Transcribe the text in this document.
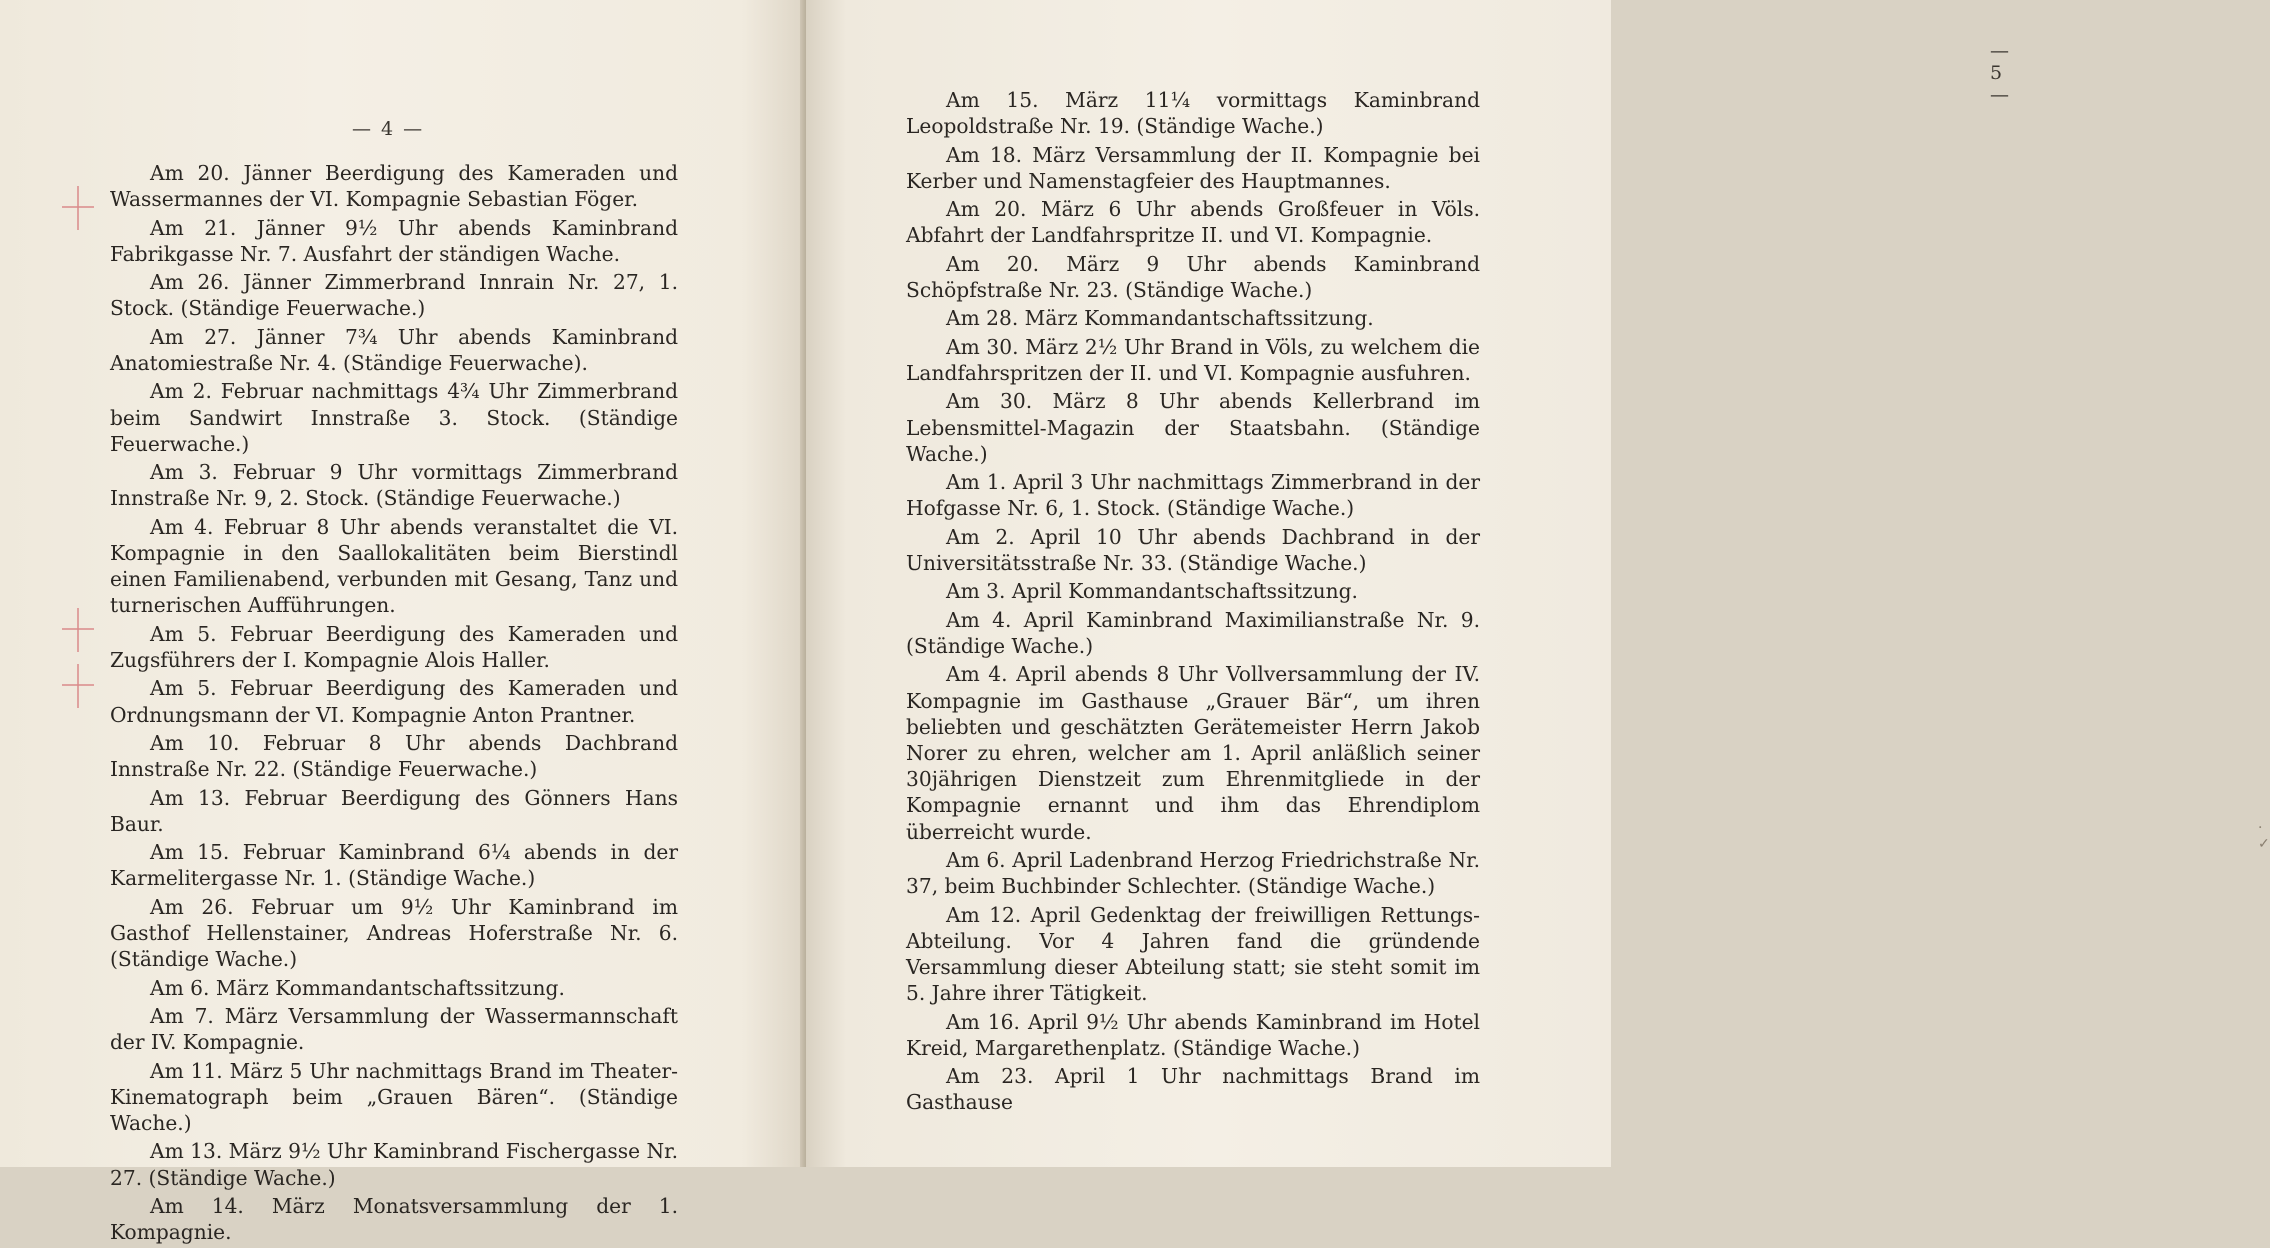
— 4 —
Am 20. Jänner Beerdigung des Kameraden und Wassermannes der VI. Kompagnie Sebastian Föger.
Am 21. Jänner 9½ Uhr abends Kaminbrand Fabrikgasse Nr. 7. Ausfahrt der ständigen Wache.
Am 26. Jänner Zimmerbrand Innrain Nr. 27, 1. Stock. (Ständige Feuerwache.)
Am 27. Jänner 7¾ Uhr abends Kaminbrand Anatomiestraße Nr. 4. (Ständige Feuerwache).
Am 2. Februar nachmittags 4¾ Uhr Zimmerbrand beim Sandwirt Innstraße 3. Stock. (Ständige Feuerwache.)
Am 3. Februar 9 Uhr vormittags Zimmerbrand Innstraße Nr. 9, 2. Stock. (Ständige Feuerwache.)
Am 4. Februar 8 Uhr abends veranstaltet die VI. Kompagnie in den Saallokalitäten beim Bierstindl einen Familienabend, verbunden mit Gesang, Tanz und turnerischen Aufführungen.
Am 5. Februar Beerdigung des Kameraden und Zugsführers der I. Kompagnie Alois Haller.
Am 5. Februar Beerdigung des Kameraden und Ordnungsmann der VI. Kompagnie Anton Prantner.
Am 10. Februar 8 Uhr abends Dachbrand Innstraße Nr. 22. (Ständige Feuerwache.)
Am 13. Februar Beerdigung des Gönners Hans Baur.
Am 15. Februar Kaminbrand 6¼ abends in der Karmelitergasse Nr. 1. (Ständige Wache.)
Am 26. Februar um 9½ Uhr Kaminbrand im Gasthof Hellenstainer, Andreas Hoferstraße Nr. 6. (Ständige Wache.)
Am 6. März Kommandantschaftssitzung.
Am 7. März Versammlung der Wassermannschaft der IV. Kompagnie.
Am 11. März 5 Uhr nachmittags Brand im Theater-Kinematograph beim „Grauen Bären“. (Ständige Wache.)
Am 13. März 9½ Uhr Kaminbrand Fischergasse Nr. 27. (Ständige Wache.)
Am 14. März Monatsversammlung der 1. Kompagnie.
— 5 —
· ✓
Am 15. März 11¼ vormittags Kaminbrand Leopoldstraße Nr. 19. (Ständige Wache.)
Am 18. März Versammlung der II. Kompagnie bei Kerber und Namenstagfeier des Hauptmannes.
Am 20. März 6 Uhr abends Großfeuer in Völs. Abfahrt der Landfahrspritze II. und VI. Kompagnie.
Am 20. März 9 Uhr abends Kaminbrand Schöpfstraße Nr. 23. (Ständige Wache.)
Am 28. März Kommandantschaftssitzung.
Am 30. März 2½ Uhr Brand in Völs, zu welchem die Landfahrspritzen der II. und VI. Kompagnie ausfuhren.
Am 30. März 8 Uhr abends Kellerbrand im Lebensmittel-Magazin der Staatsbahn. (Ständige Wache.)
Am 1. April 3 Uhr nachmittags Zimmerbrand in der Hofgasse Nr. 6, 1. Stock. (Ständige Wache.)
Am 2. April 10 Uhr abends Dachbrand in der Universitätsstraße Nr. 33. (Ständige Wache.)
Am 3. April Kommandantschaftssitzung.
Am 4. April Kaminbrand Maximilianstraße Nr. 9. (Ständige Wache.)
Am 4. April abends 8 Uhr Vollversammlung der IV. Kompagnie im Gasthause „Grauer Bär“, um ihren beliebten und geschätzten Gerätemeister Herrn Jakob Norer zu ehren, welcher am 1. April anläßlich seiner 30jährigen Dienstzeit zum Ehrenmitgliede in der Kompagnie ernannt und ihm das Ehrendiplom überreicht wurde.
Am 6. April Ladenbrand Herzog Friedrichstraße Nr. 37, beim Buchbinder Schlechter. (Ständige Wache.)
Am 12. April Gedenktag der freiwilligen Rettungs-Abteilung. Vor 4 Jahren fand die gründende Versammlung dieser Abteilung statt; sie steht somit im 5. Jahre ihrer Tätigkeit.
Am 16. April 9½ Uhr abends Kaminbrand im Hotel Kreid, Margarethenplatz. (Ständige Wache.)
Am 23. April 1 Uhr nachmittags Brand im Gasthause
